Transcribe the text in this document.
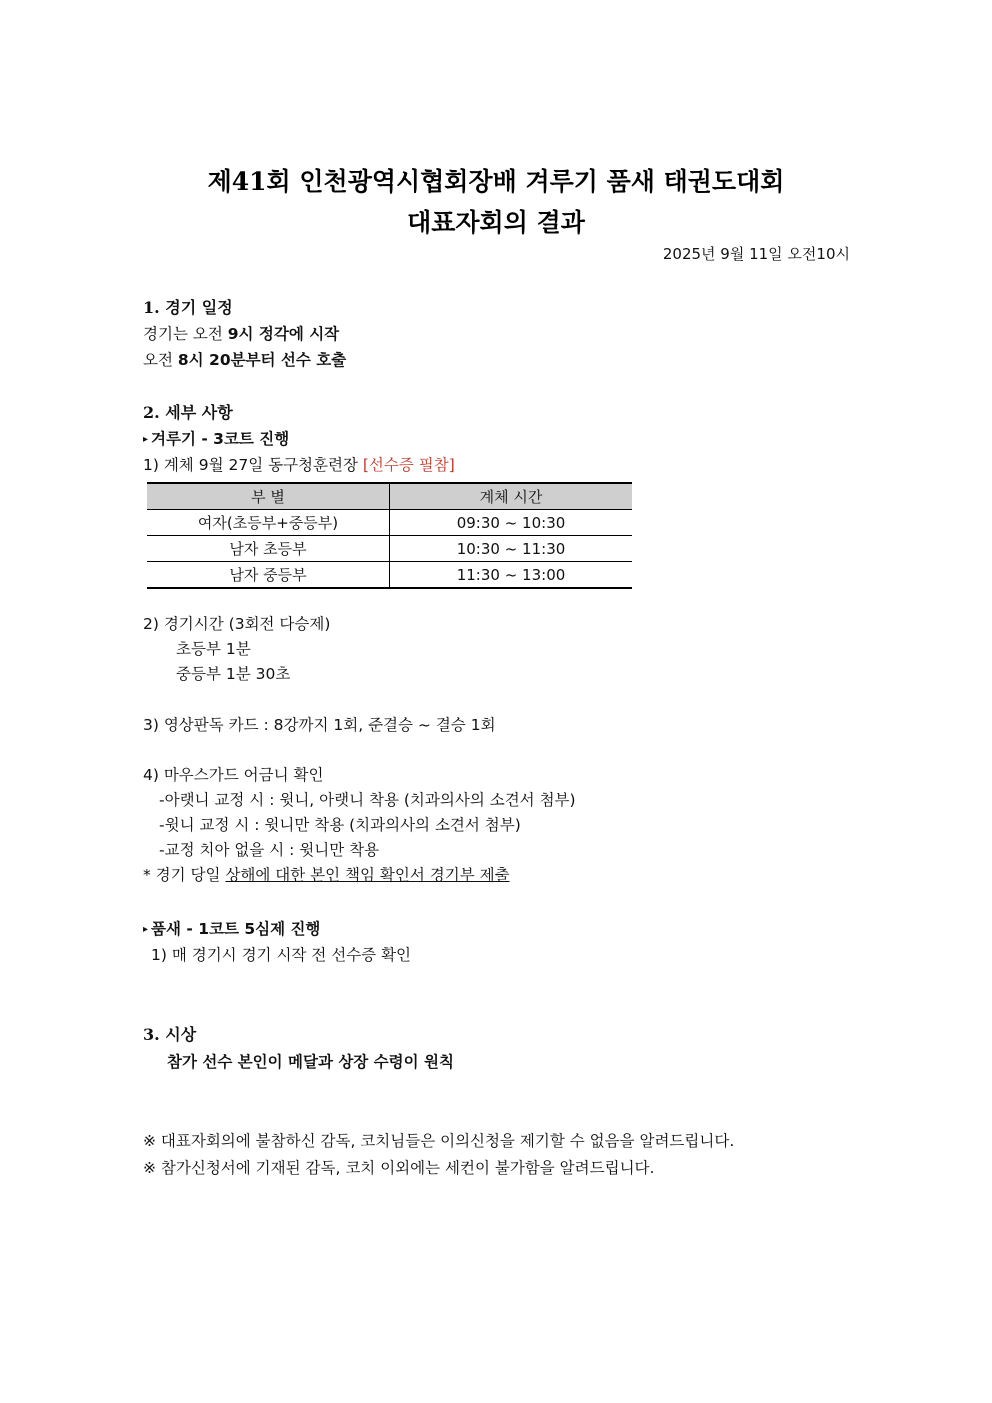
제41회 인천광역시협회장배 겨루기 품새 태권도대회
대표자회의 결과
2025년 9월 11일 오전10시
1. 경기 일정
경기는 오전 9시 정각에 시작
오전 8시 20분부터 선수 호출
2. 세부 사항
▸ 겨루기 - 3코트 진행
1) 계체 9월 27일 동구청훈련장 [선수증 필참]
부 별	계체 시간
여자(초등부+중등부)	09:30 ~ 10:30
남자 초등부	10:30 ~ 11:30
남자 중등부	11:30 ~ 13:00
2) 경기시간 (3회전 다승제)
초등부 1분
중등부 1분 30초
3) 영상판독 카드 : 8강까지 1회, 준결승 ~ 결승 1회
4) 마우스가드 어금니 확인
-아랫니 교정 시 : 윗니, 아랫니 착용 (치과의사의 소견서 첨부)
-윗니 교정 시 : 윗니만 착용 (치과의사의 소견서 첨부)
-교정 치아 없을 시 : 윗니만 착용
* 경기 당일 상해에 대한 본인 책임 확인서 경기부 제출
▸ 품새 - 1코트 5심제 진행
1) 매 경기시 경기 시작 전 선수증 확인
3. 시상
참가 선수 본인이 메달과 상장 수령이 원칙
※ 대표자회의에 불참하신 감독, 코치님들은 이의신청을 제기할 수 없음을 알려드립니다.
※ 참가신청서에 기재된 감독, 코치 이외에는 세컨이 불가함을 알려드립니다.
